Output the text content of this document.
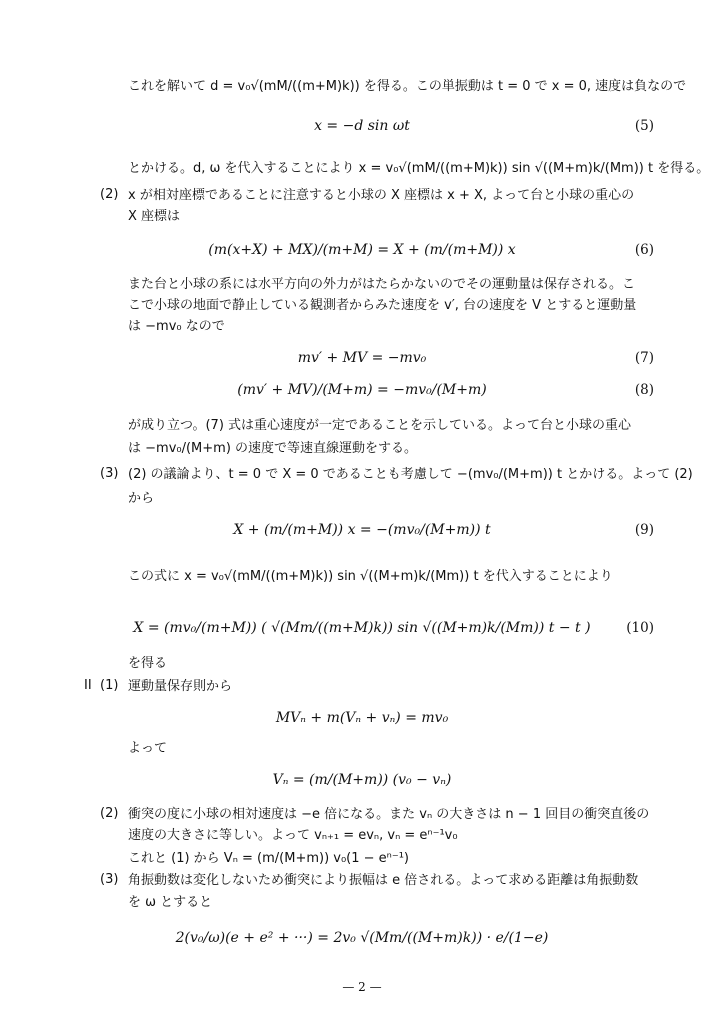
これを解いて d = v₀√(mM/((m+M)k)) を得る。この単振動は t = 0 で x = 0, 速度は負なので
x = −d sin ωt	(5)
とかける。d, ω を代入することにより x = v₀√(mM/((m+M)k)) sin √((M+m)k/(Mm)) t を得る。
(2) x が相対座標であることに注意すると小球の X 座標は x + X, よって台と小球の重心の
X 座標は
(m(x+X) + MX)/(m+M) = X + (m/(m+M)) x	(6)
また台と小球の系には水平方向の外力がはたらかないのでその運動量は保存される。こ
こで小球の地面で静止している観測者からみた速度を v′, 台の速度を V とすると運動量
は −mv₀ なので
mv′ + MV = −mv₀	(7)
(mv′ + MV)/(M+m) = −mv₀/(M+m)	(8)
が成り立つ。(7) 式は重心速度が一定であることを示している。よって台と小球の重心
は −mv₀/(M+m) の速度で等速直線運動をする。
(3) (2) の議論より、t = 0 で X = 0 であることも考慮して −(mv₀/(M+m)) t とかける。よって (2)
から
X + (m/(m+M)) x = −(mv₀/(M+m)) t	(9)
この式に x = v₀√(mM/((m+M)k)) sin √((M+m)k/(Mm)) t を代入することにより
X = (mv₀/(m+M)) ( √(Mm/((m+M)k)) sin √((M+m)k/(Mm)) t − t )	(10)
を得る
II (1) 運動量保存則から
MVₙ + m(Vₙ + vₙ) = mv₀
よって
Vₙ = (m/(M+m)) (v₀ − vₙ)
(2) 衝突の度に小球の相対速度は −e 倍になる。また vₙ の大きさは n − 1 回目の衝突直後の
速度の大きさに等しい。よって vₙ₊₁ = evₙ, vₙ = eⁿ⁻¹v₀
これと (1) から Vₙ = (m/(M+m)) v₀(1 − eⁿ⁻¹)
(3) 角振動数は変化しないため衝突により振幅は e 倍される。よって求める距離は角振動数
を ω とすると
2(v₀/ω)(e + e² + ···) = 2v₀ √(Mm/((M+m)k)) · e/(1−e)
— 2 —
